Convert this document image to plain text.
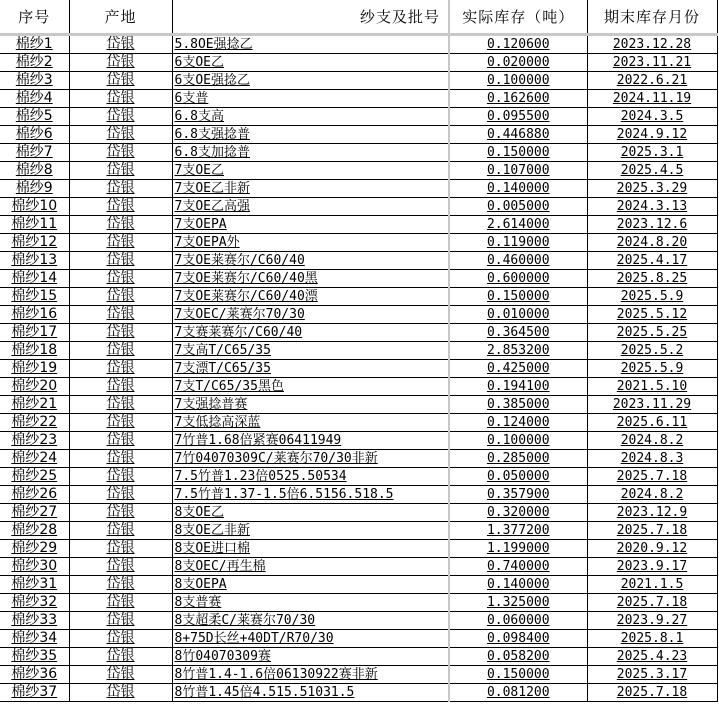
序号	产地	纱支及批号	实际库存（吨）	期末库存月份
棉纱1	岱银	5.8OE强捻乙	0.120600	2023.12.28
棉纱2	岱银	6支OE乙	0.020000	2023.11.21
棉纱3	岱银	6支OE强捻乙	0.100000	2022.6.21
棉纱4	岱银	6支普	0.162600	2024.11.19
棉纱5	岱银	6.8支高	0.095500	2024.3.5
棉纱6	岱银	6.8支强捻普	0.446880	2024.9.12
棉纱7	岱银	6.8支加捻普	0.150000	2025.3.1
棉纱8	岱银	7支OE乙	0.107000	2025.4.5
棉纱9	岱银	7支OE乙非新	0.140000	2025.3.29
棉纱10	岱银	7支OE乙高强	0.005000	2024.3.13
棉纱11	岱银	7支OEPA	2.614000	2023.12.6
棉纱12	岱银	7支OEPA外	0.119000	2024.8.20
棉纱13	岱银	7支OE莱赛尔/C60/40	0.460000	2025.4.17
棉纱14	岱银	7支OE莱赛尔/C60/40黑	0.600000	2025.8.25
棉纱15	岱银	7支OE莱赛尔/C60/40漂	0.150000	2025.5.9
棉纱16	岱银	7支OEC/莱赛尔70/30	0.010000	2025.5.12
棉纱17	岱银	7支赛莱赛尔/C60/40	0.364500	2025.5.25
棉纱18	岱银	7支高T/C65/35	2.853200	2025.5.2
棉纱19	岱银	7支漂T/C65/35	0.425000	2025.5.9
棉纱20	岱银	7支T/C65/35黑色	0.194100	2021.5.10
棉纱21	岱银	7支强捻普赛	0.385000	2023.11.29
棉纱22	岱银	7支低捻高深蓝	0.124000	2025.6.11
棉纱23	岱银	7竹普1.68倍紧赛06411949	0.100000	2024.8.2
棉纱24	岱银	7竹04070309C/莱赛尔70/30非新	0.285000	2024.8.3
棉纱25	岱银	7.5竹普1.23倍0525.50534	0.050000	2025.7.18
棉纱26	岱银	7.5竹普1.37-1.5倍6.5156.518.5	0.357900	2024.8.2
棉纱27	岱银	8支OE乙	0.320000	2023.12.9
棉纱28	岱银	8支OE乙非新	1.377200	2025.7.18
棉纱29	岱银	8支OE进口棉	1.199000	2020.9.12
棉纱30	岱银	8支OEC/再生棉	0.740000	2023.9.17
棉纱31	岱银	8支OEPA	0.140000	2021.1.5
棉纱32	岱银	8支普赛	1.325000	2025.7.18
棉纱33	岱银	8支超柔C/莱赛尔70/30	0.060000	2023.9.27
棉纱34	岱银	8+75D长丝+40DT/R70/30	0.098400	2025.8.1
棉纱35	岱银	8竹04070309赛	0.058200	2025.4.23
棉纱36	岱银	8竹普1.4-1.6倍06130922赛非新	0.150000	2025.3.17
棉纱37	岱银	8竹普1.45倍4.515.51031.5	0.081200	2025.7.18
